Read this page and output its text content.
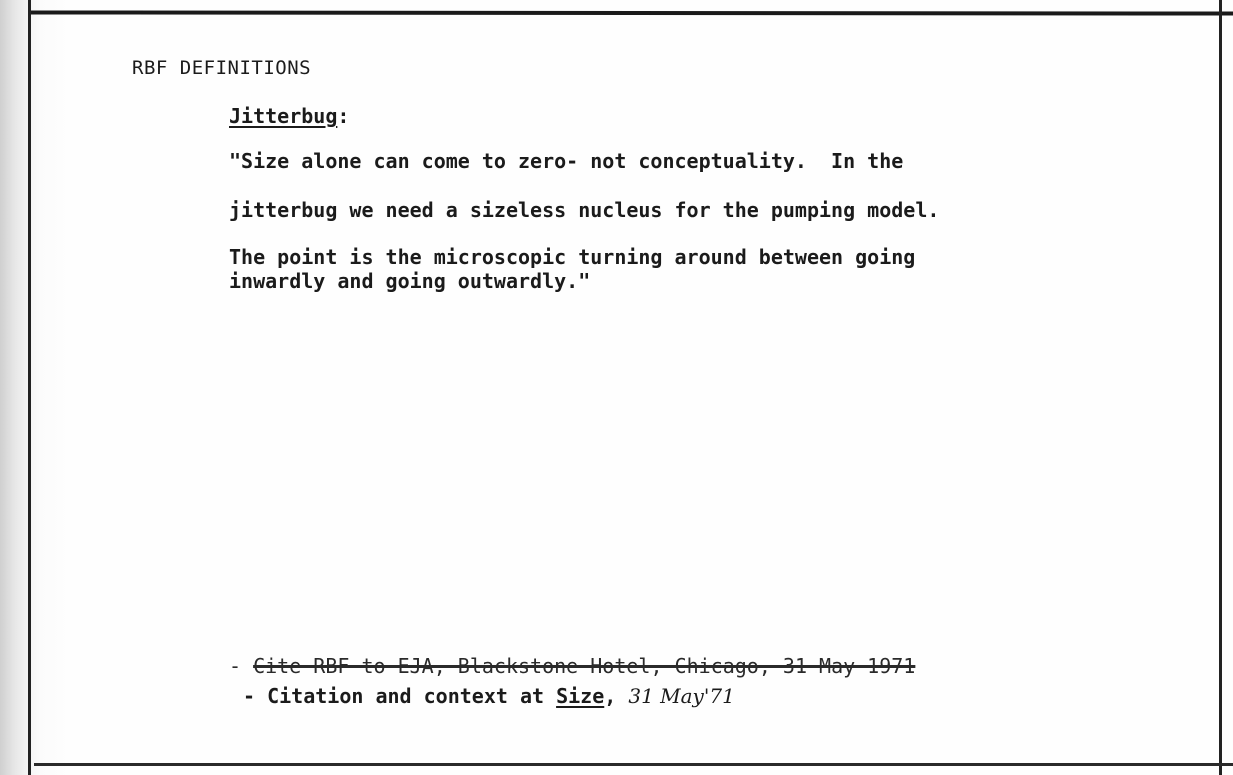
RBF DEFINITIONS
Jitterbug:
"Size alone can come to zero- not conceptuality.  In the
jitterbug we need a sizeless nucleus for the pumping model.
The point is the microscopic turning around between going
inwardly and going outwardly."
- Cite RBF to EJA, Blackstone Hotel, Chicago, 31 May 1971
- Citation and context at Size, 31 May'71
